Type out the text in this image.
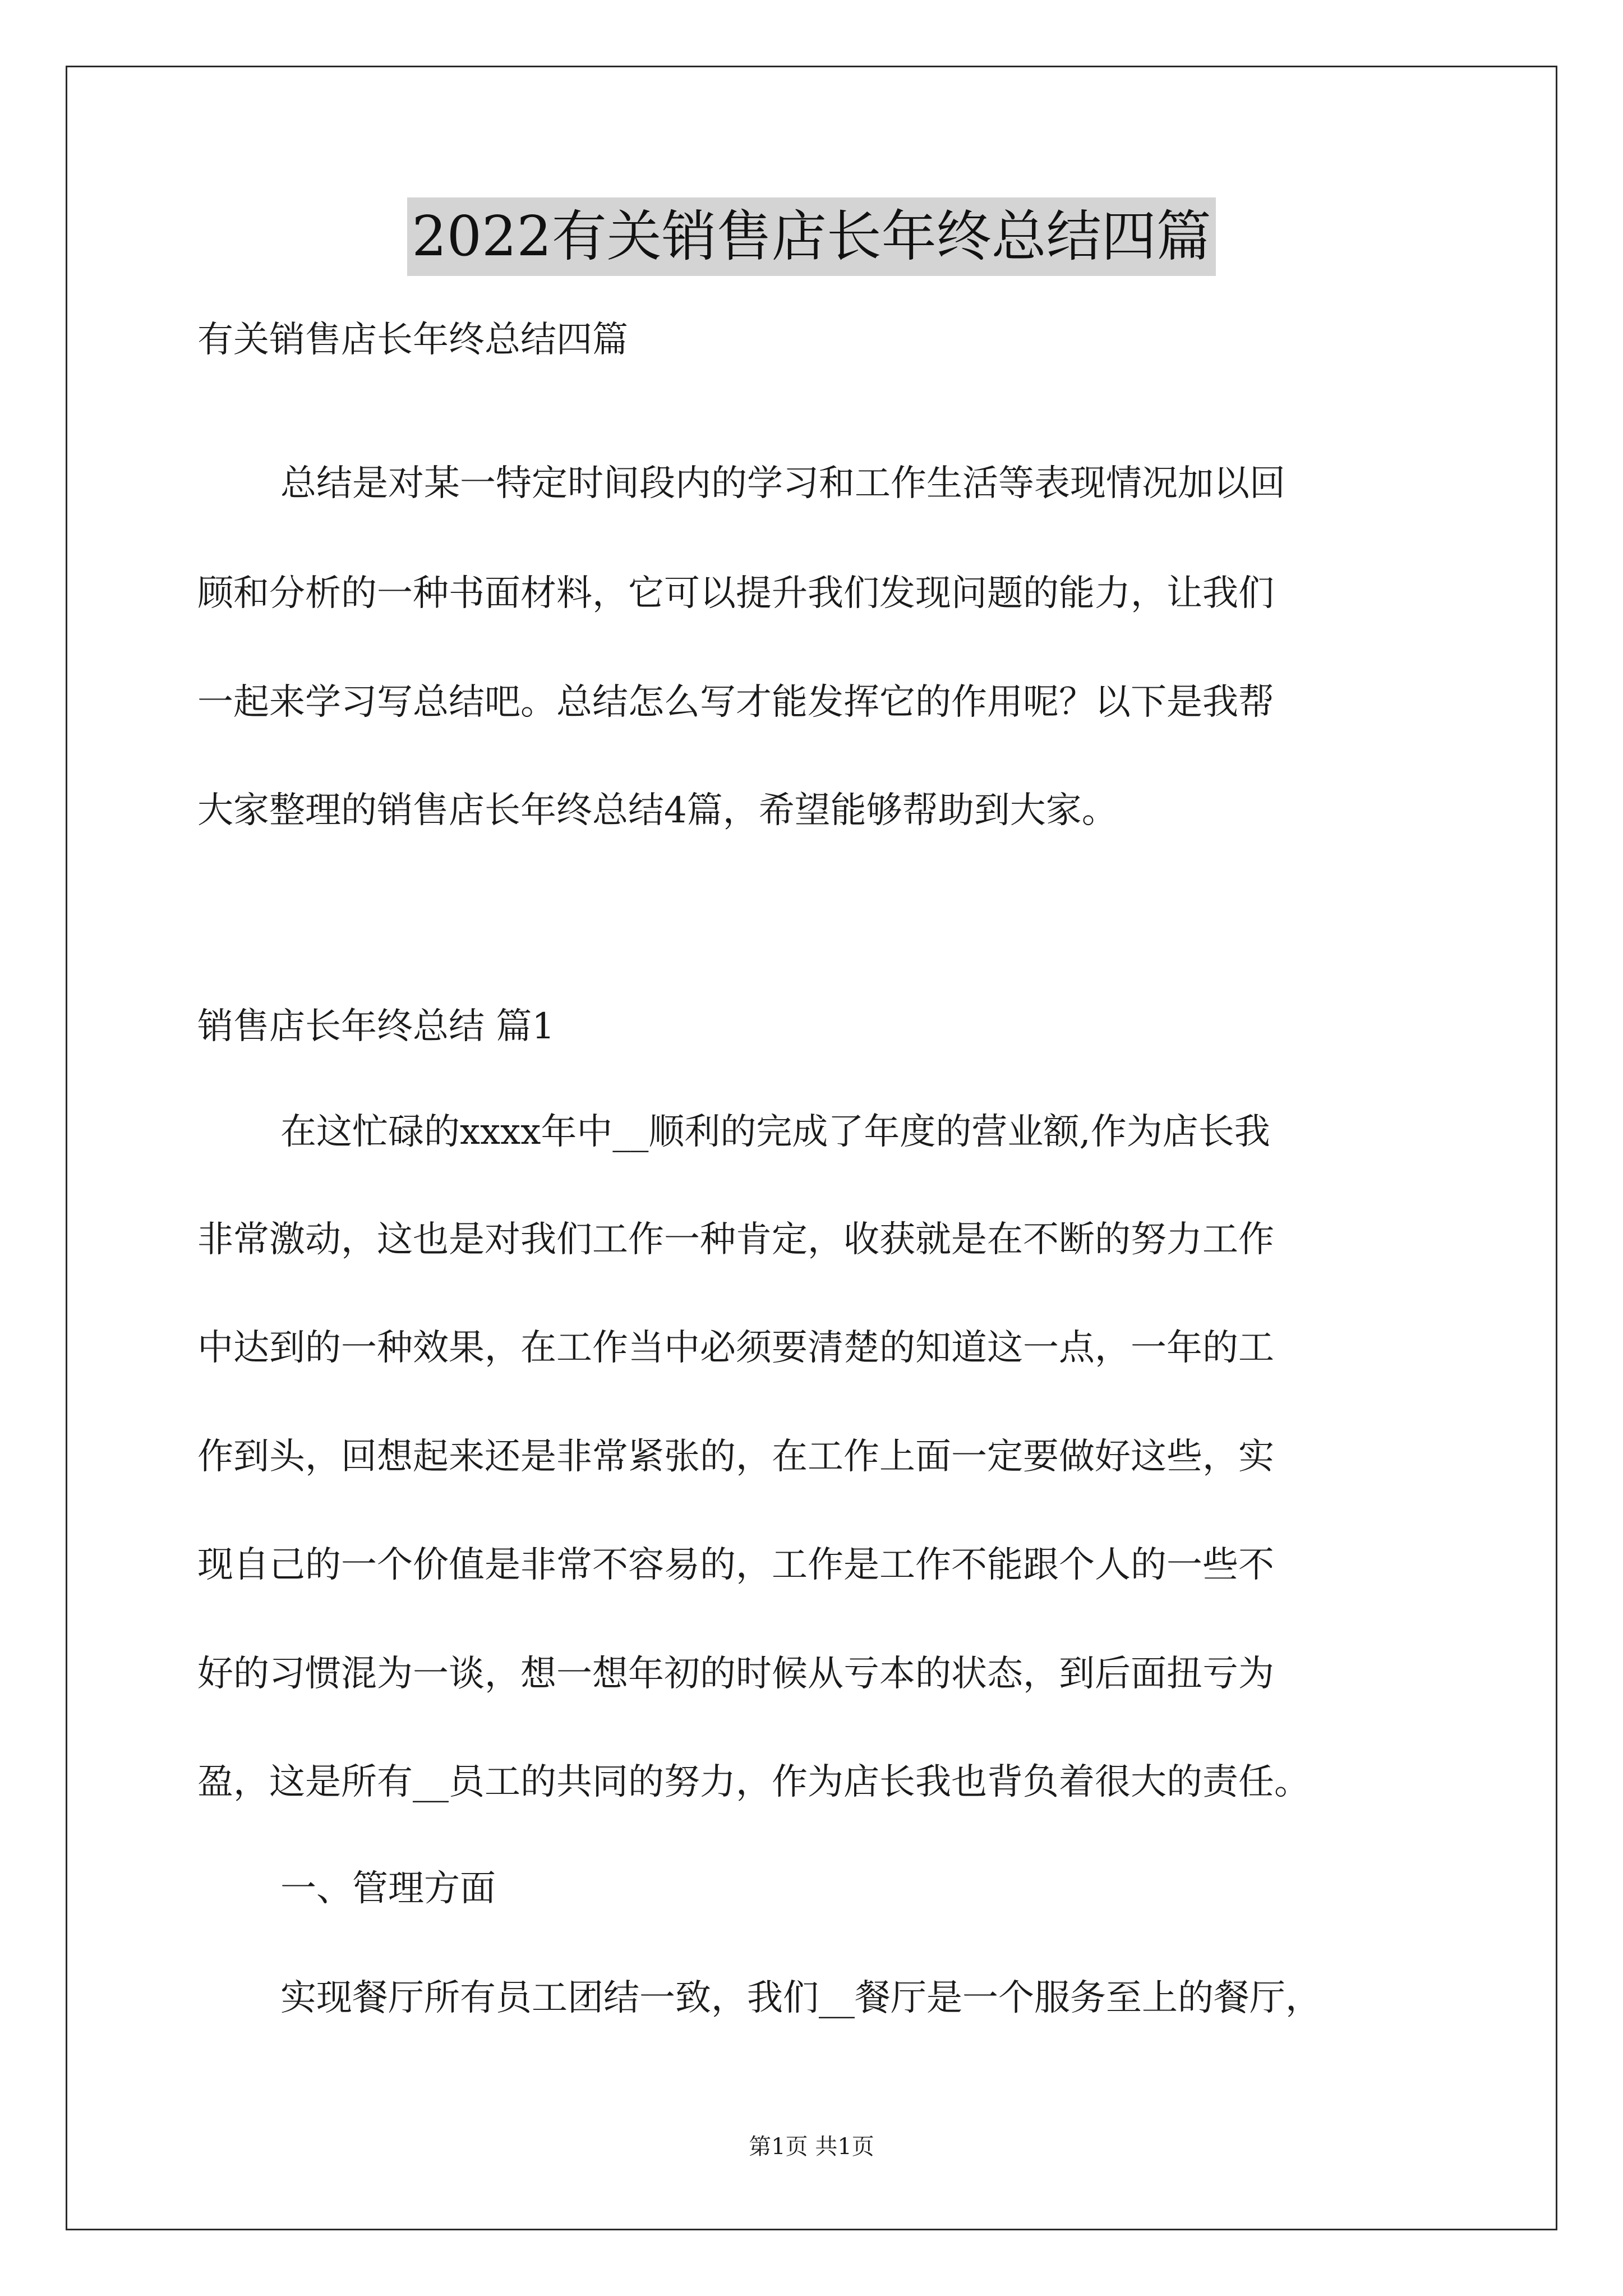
2022有关销售店长年终总结四篇
有关销售店长年终总结四篇
总结是对某一特定时间段内的学习和工作生活等表现情况加以回
顾和分析的一种书面材料，它可以提升我们发现问题的能力，让我们
一起来学习写总结吧。总结怎么写才能发挥它的作用呢？以下是我帮
大家整理的销售店长年终总结4篇，希望能够帮助到大家。
销售店长年终总结 篇1
在这忙碌的xxxx年中__顺利的完成了年度的营业额,作为店长我
非常激动，这也是对我们工作一种肯定，收获就是在不断的努力工作
中达到的一种效果，在工作当中必须要清楚的知道这一点，一年的工
作到头，回想起来还是非常紧张的，在工作上面一定要做好这些，实
现自己的一个价值是非常不容易的，工作是工作不能跟个人的一些不
好的习惯混为一谈，想一想年初的时候从亏本的状态，到后面扭亏为
盈，这是所有__员工的共同的努力，作为店长我也背负着很大的责任。
一、管理方面
实现餐厅所有员工团结一致，我们__餐厅是一个服务至上的餐厅，
第1页 共1页
